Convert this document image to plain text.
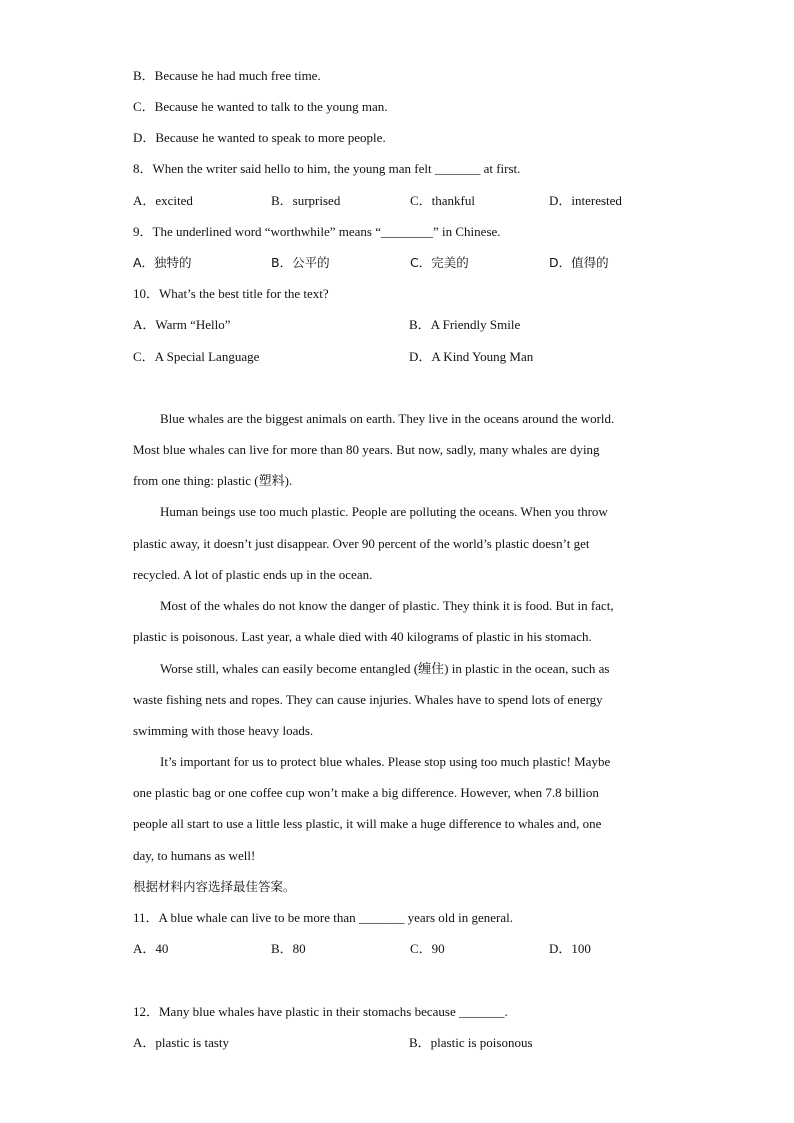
B．Because he had much free time.
C．Because he wanted to talk to the young man.
D．Because he wanted to speak to more people.
8．When the writer said hello to him, the young man felt _______ at first.
A．excited	B．surprised	C．thankful	D．interested
9．The underlined word “worthwhile” means “________” in Chinese.
A．独特的	B．公平的	C．完美的	D．值得的
10．What’s the best title for the text?
A．Warm “Hello”	B．A Friendly Smile
C．A Special Language	D．A Kind Young Man
Blue whales are the biggest animals on earth. They live in the oceans around the world.
Most blue whales can live for more than 80 years. But now, sadly, many whales are dying
from one thing: plastic (塑料).
Human beings use too much plastic. People are polluting the oceans. When you throw
plastic away, it doesn’t just disappear. Over 90 percent of the world’s plastic doesn’t get
recycled. A lot of plastic ends up in the ocean.
Most of the whales do not know the danger of plastic. They think it is food. But in fact,
plastic is poisonous. Last year, a whale died with 40 kilograms of plastic in his stomach.
Worse still, whales can easily become entangled (缠住) in plastic in the ocean, such as
waste fishing nets and ropes. They can cause injuries. Whales have to spend lots of energy
swimming with those heavy loads.
It’s important for us to protect blue whales. Please stop using too much plastic! Maybe
one plastic bag or one coffee cup won’t make a big difference. However, when 7.8 billion
people all start to use a little less plastic, it will make a huge difference to whales and, one
day, to humans as well!
根据材料内容选择最佳答案。
11．A blue whale can live to be more than _______ years old in general.
A．40	B．80	C．90	D．100
12．Many blue whales have plastic in their stomachs because _______.
A．plastic is tasty	B．plastic is poisonous
